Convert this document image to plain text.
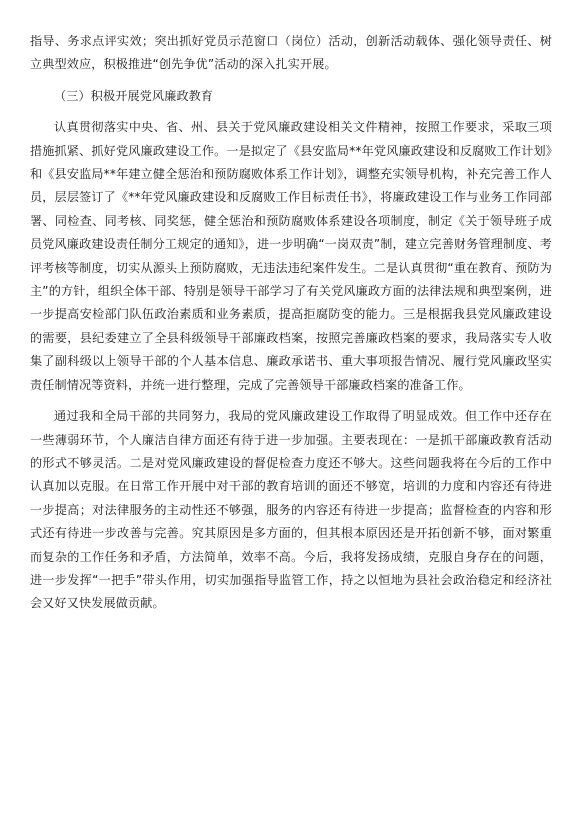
指导、务求点评实效；突出抓好党员示范窗口（岗位）活动，创新活动载体、强化领导责任、树立典型效应，积极推进“创先争优”活动的深入扎实开展。

（三）积极开展党风廉政教育

认真贯彻落实中央、省、州、县关于党风廉政建设相关文件精神，按照工作要求，采取三项措施抓紧、抓好党风廉政建设工作。一是拟定了《县安监局**年党风廉政建设和反腐败工作计划》和《县安监局**年建立健全惩治和预防腐败体系工作计划》，调整充实领导机构，补充完善工作人员，层层签订了《**年党风廉政建设和反腐败工作目标责任书》，将廉政建设工作与业务工作同部署、同检查、同考核、同奖惩，健全惩治和预防腐败体系建设各项制度，制定《关于领导班子成员党风廉政建设责任制分工规定的通知》，进一步明确“一岗双责”制，建立完善财务管理制度、考评考核等制度，切实从源头上预防腐败，无违法违纪案件发生。二是认真贯彻“重在教育、预防为主”的方针，组织全体干部、特别是领导干部学习了有关党风廉政方面的法律法规和典型案例，进一步提高安检部门队伍政治素质和业务素质，提高拒腐防变的能力。三是根据我县党风廉政建设的需要，县纪委建立了全县科级领导干部廉政档案，按照完善廉政档案的要求，我局落实专人收集了副科级以上领导干部的个人基本信息、廉政承诺书、重大事项报告情况、履行党风廉政坚实责任制情况等资料，并统一进行整理，完成了完善领导干部廉政档案的准备工作。

通过我和全局干部的共同努力，我局的党风廉政建设工作取得了明显成效。但工作中还存在一些薄弱环节，个人廉洁自律方面还有待于进一步加强。主要表现在：一是抓干部廉政教育活动的形式不够灵活。二是对党风廉政建设的督促检查力度还不够大。这些问题我将在今后的工作中认真加以克服。在日常工作开展中对干部的教育培训的面还不够宽，培训的力度和内容还有待进一步提高；对法律服务的主动性还不够强，服务的内容还有待进一步提高；监督检查的内容和形式还有待进一步改善与完善。究其原因是多方面的，但其根本原因还是开拓创新不够，面对繁重而复杂的工作任务和矛盾，方法简单，效率不高。今后，我将发扬成绩，克服自身存在的问题，进一步发挥“一把手”带头作用，切实加强指导监管工作，持之以恒地为县社会政治稳定和经济社会又好又快发展做贡献。
